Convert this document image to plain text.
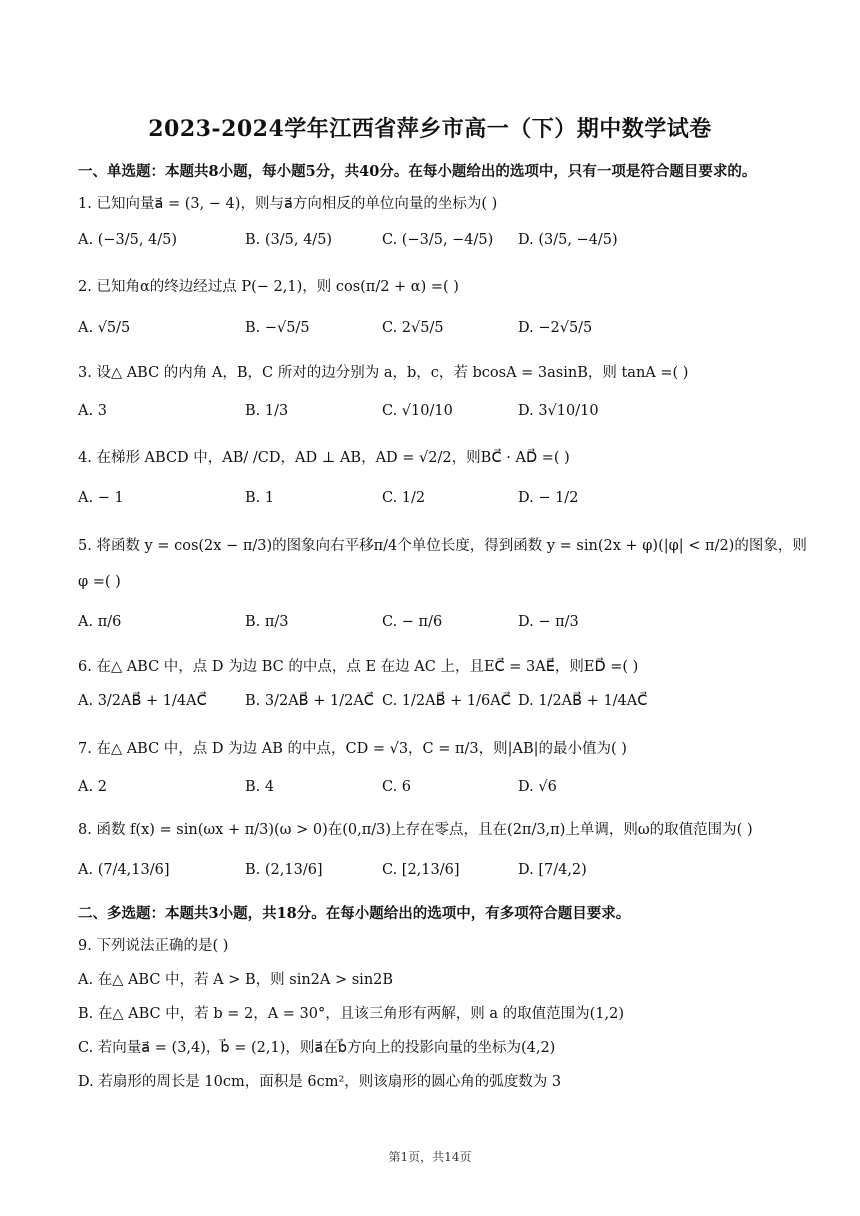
2023-2024学年江西省萍乡市高一（下）期中数学试卷
一、单选题：本题共8小题，每小题5分，共40分。在每小题给出的选项中，只有一项是符合题目要求的。
1. 已知向量a⃗ = (3, − 4)，则与a⃗方向相反的单位向量的坐标为( )
A. (−3/5, 4/5)	B. (3/5, 4/5)	C. (−3/5, −4/5) D. (3/5, −4/5)
2. 已知角α的终边经过点 P(− 2,1)，则 cos(π/2 + α) =( )
A. √5/5	B. −√5/5	C. 2√5/5	D. −2√5/5
3. 设△ ABC 的内角 A，B，C 所对的边分别为 a，b，c，若 bcosA = 3asinB，则 tanA =( )
A. 3	B. 1/3	C. √10/10	D. 3√10/10
4. 在梯形 ABCD 中，AB/ /CD，AD ⊥ AB，AD = √2/2，则BC⃗ · AD⃗ =( )
A. − 1	B. 1	C. 1/2	D. − 1/2
5. 将函数 y = cos(2x − π/3)的图象向右平移π/4个单位长度，得到函数 y = sin(2x + φ)(|φ| < π/2)的图象，则
φ =( )
A. π/6	B. π/3	C. − π/6	D. − π/3
6. 在△ ABC 中，点 D 为边 BC 的中点，点 E 在边 AC 上，且EC⃗ = 3AE⃗，则ED⃗ =( )
A. 3/2AB⃗ + 1/4AC⃗	B. 3/2AB⃗ + 1/2AC⃗ C. 1/2AB⃗ + 1/6AC⃗ D. 1/2AB⃗ + 1/4AC⃗
7. 在△ ABC 中，点 D 为边 AB 的中点，CD = √3，C = π/3，则|AB|的最小值为( )
A. 2	B. 4	C. 6	D. √6
8. 函数 f(x) = sin(ωx + π/3)(ω > 0)在(0,π/3)上存在零点，且在(2π/3,π)上单调，则ω的取值范围为( )
A. (7/4,13/6]	B. (2,13/6]	C. [2,13/6]	D. [7/4,2)
二、多选题：本题共3小题，共18分。在每小题给出的选项中，有多项符合题目要求。
9. 下列说法正确的是( )
A. 在△ ABC 中，若 A > B，则 sin2A > sin2B
B. 在△ ABC 中，若 b = 2，A = 30°，且该三角形有两解，则 a 的取值范围为(1,2)
C. 若向量a⃗ = (3,4)，b⃗ = (2,1)，则a⃗在b⃗方向上的投影向量的坐标为(4,2)
D. 若扇形的周长是 10cm，面积是 6cm²，则该扇形的圆心角的弧度数为 3
第1页，共14页
